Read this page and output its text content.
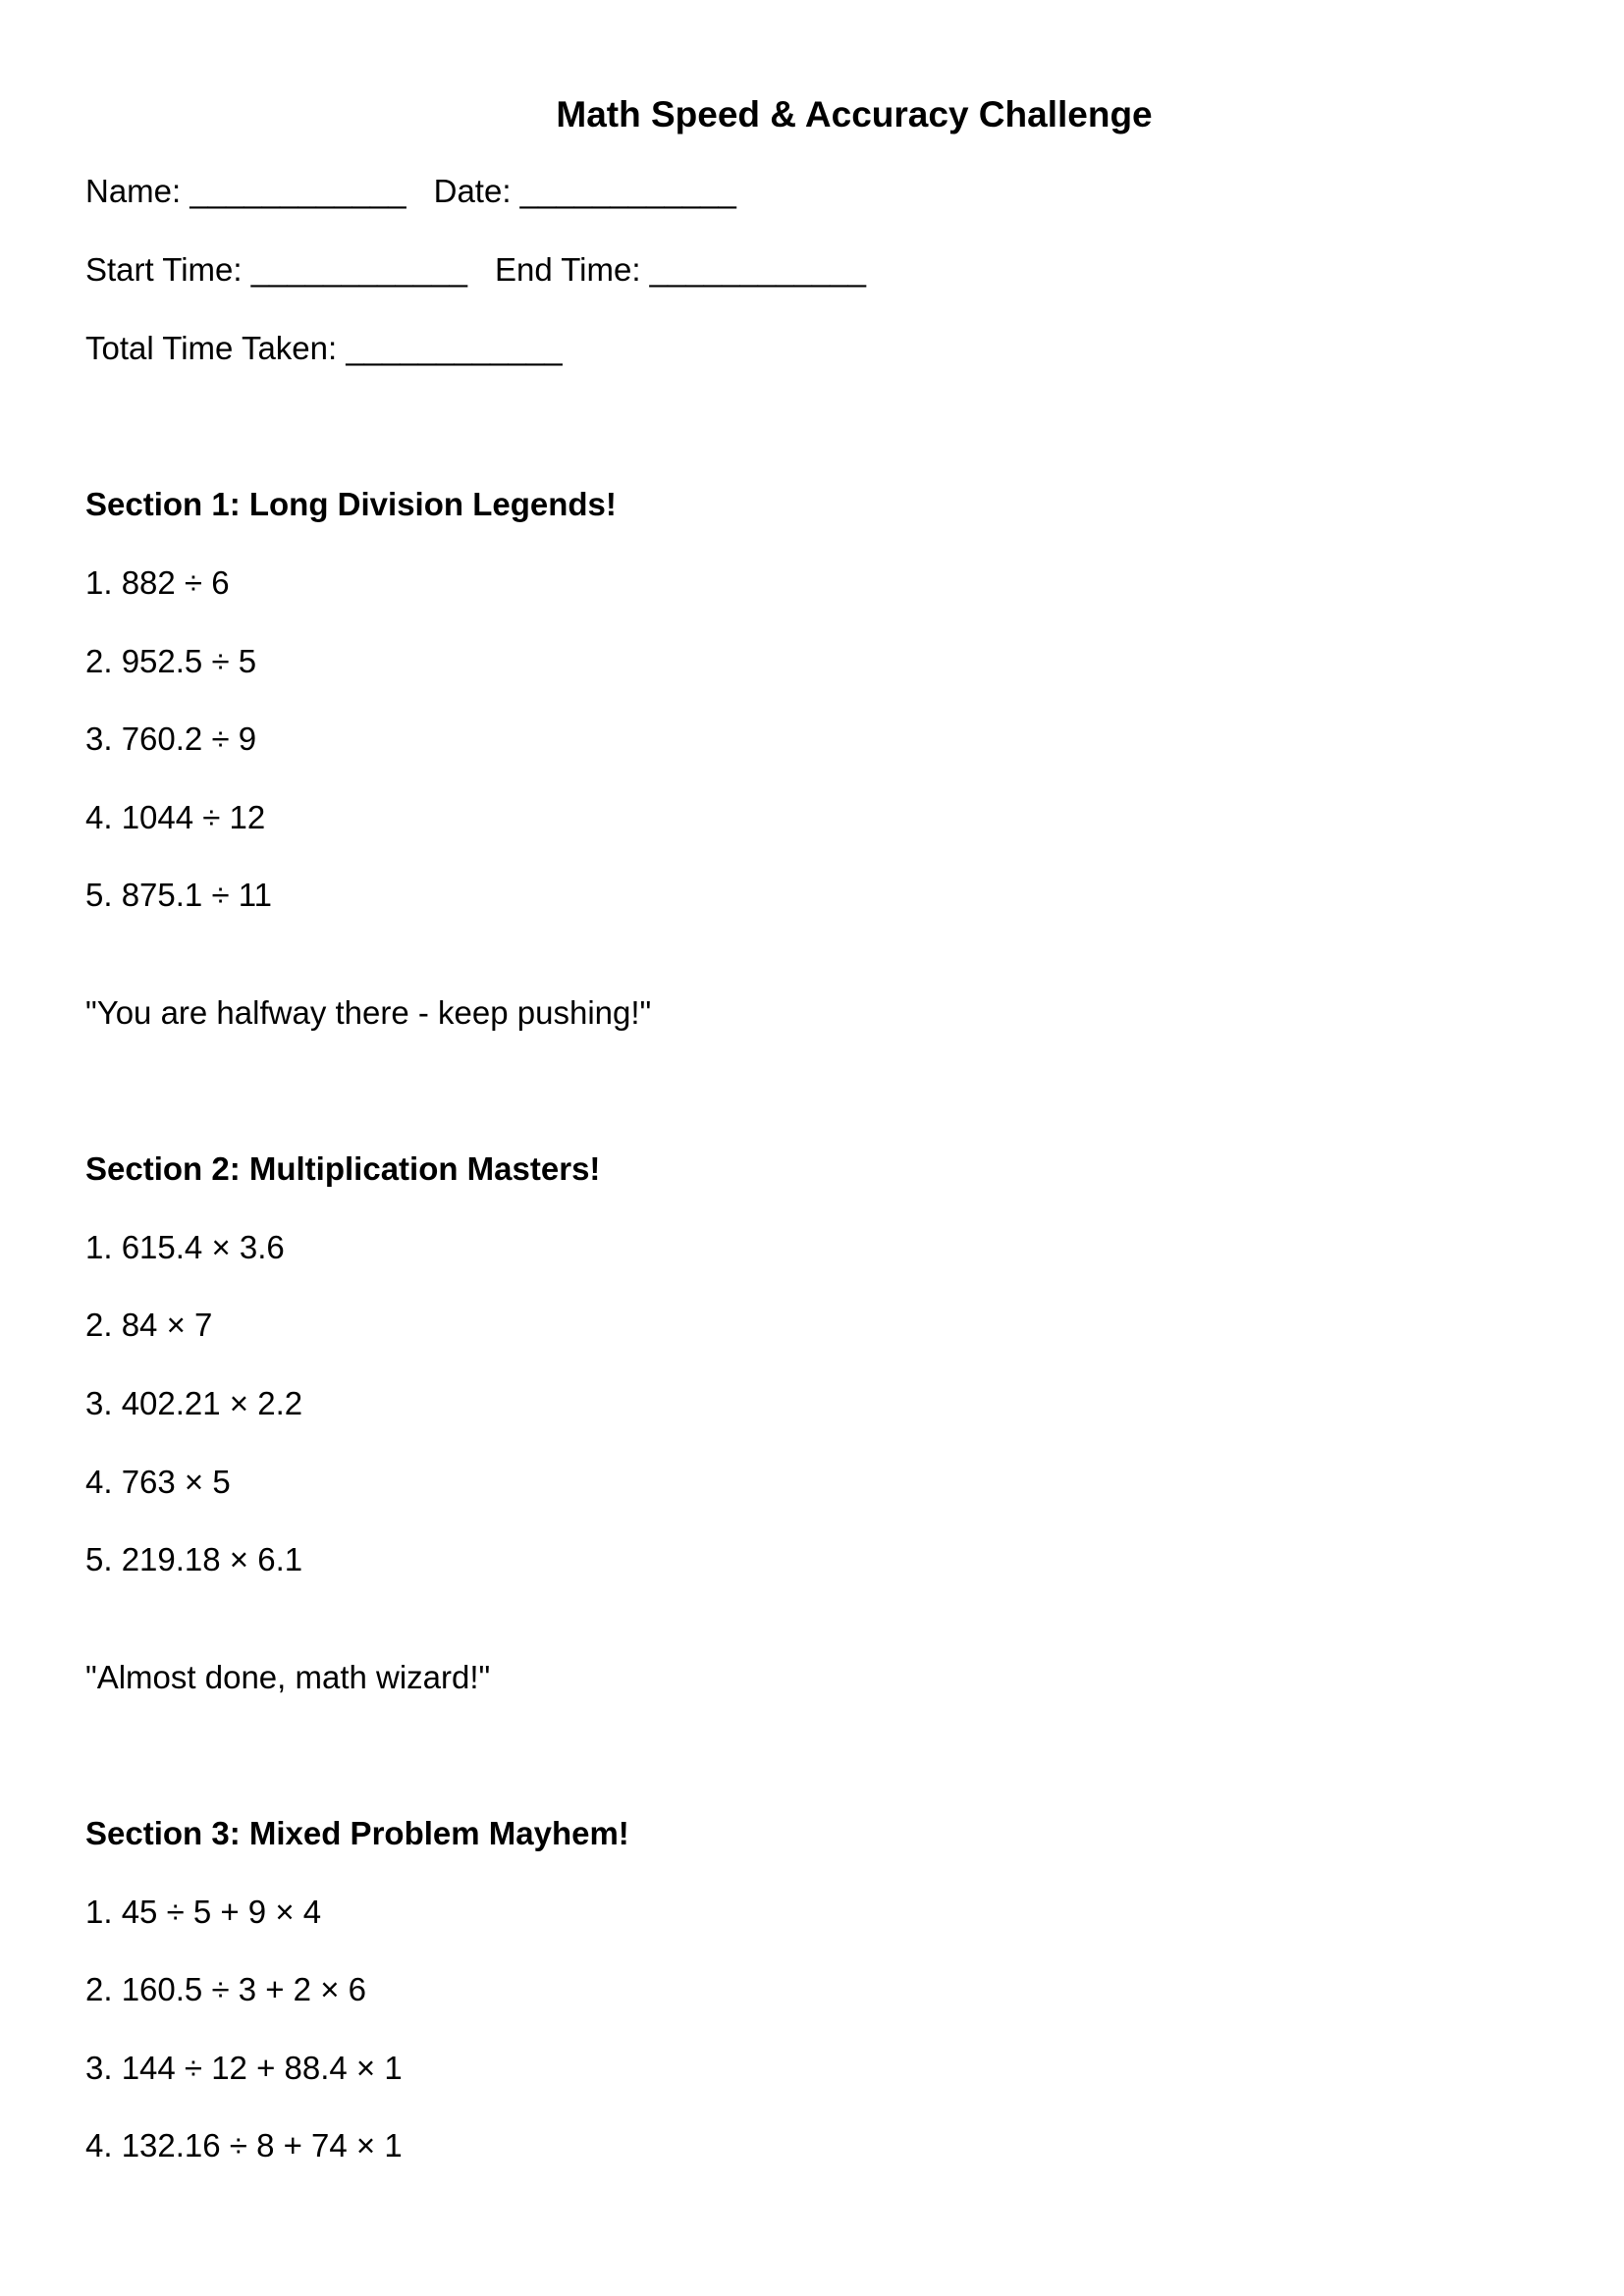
Math Speed & Accuracy Challenge

Name: ____________ Date: ____________

Start Time: ____________ End Time: ____________

Total Time Taken: ____________

Section 1: Long Division Legends!

1. 882 ÷ 6

2. 952.5 ÷ 5

3. 760.2 ÷ 9

4. 1044 ÷ 12

5. 875.1 ÷ 11

"You are halfway there - keep pushing!"

Section 2: Multiplication Masters!

1. 615.4 × 3.6

2. 84 × 7

3. 402.21 × 2.2

4. 763 × 5

5. 219.18 × 6.1

"Almost done, math wizard!"

Section 3: Mixed Problem Mayhem!

1. 45 ÷ 5 + 9 × 4

2. 160.5 ÷ 3 + 2 × 6

3. 144 ÷ 12 + 88.4 × 1

4. 132.16 ÷ 8 + 74 × 1
